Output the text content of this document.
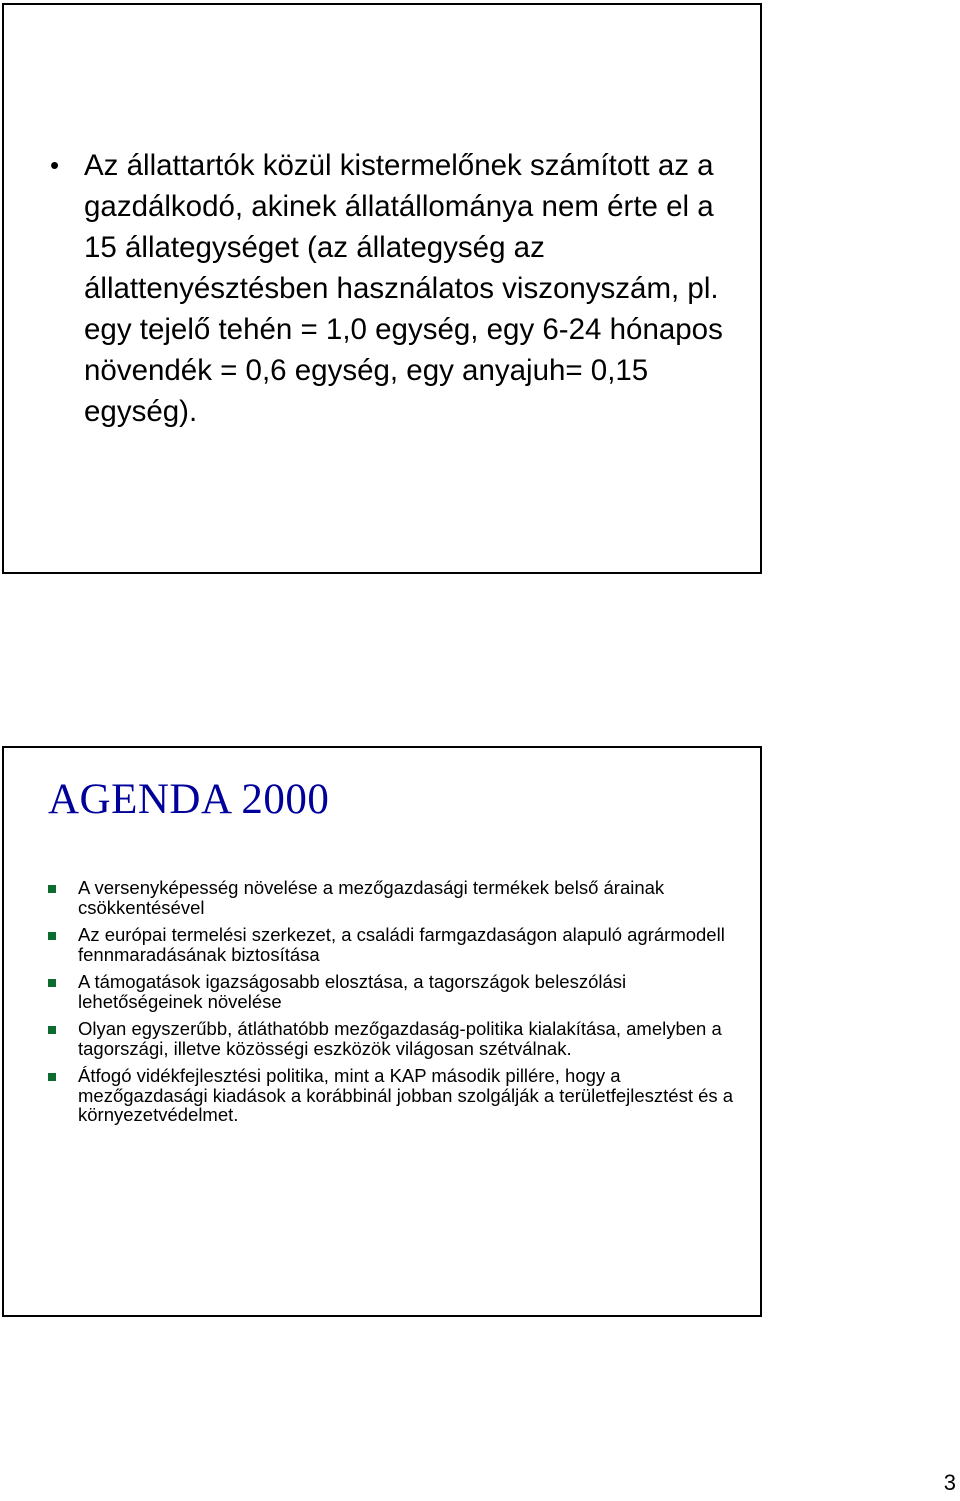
• Az állattartók közül kistermelőnek számított az a gazdálkodó, akinek állatállománya nem érte el a 15 állategységet (az állategység az állattenyésztésben használatos viszonyszám, pl. egy tejelő tehén = 1,0 egység, egy 6-24 hónapos növendék = 0,6 egység, egy anyajuh= 0,15 egység).
AGENDA 2000
A versenyképesség növelése a mezőgazdasági termékek belső árainak csökkentésével
Az európai termelési szerkezet, a családi farmgazdaságon alapuló agrármodell fennmaradásának biztosítása
A támogatások igazságosabb elosztása, a tagországok beleszólási lehetőségeinek növelése
Olyan egyszerűbb, átláthatóbb mezőgazdaság-politika kialakítása, amelyben a tagországi, illetve közösségi eszközök világosan szétválnak.
Átfogó vidékfejlesztési politika, mint a KAP második pillére, hogy a mezőgazdasági kiadások a korábbinál jobban szolgálják a területfejlesztést és a környezetvédelmet.
3
